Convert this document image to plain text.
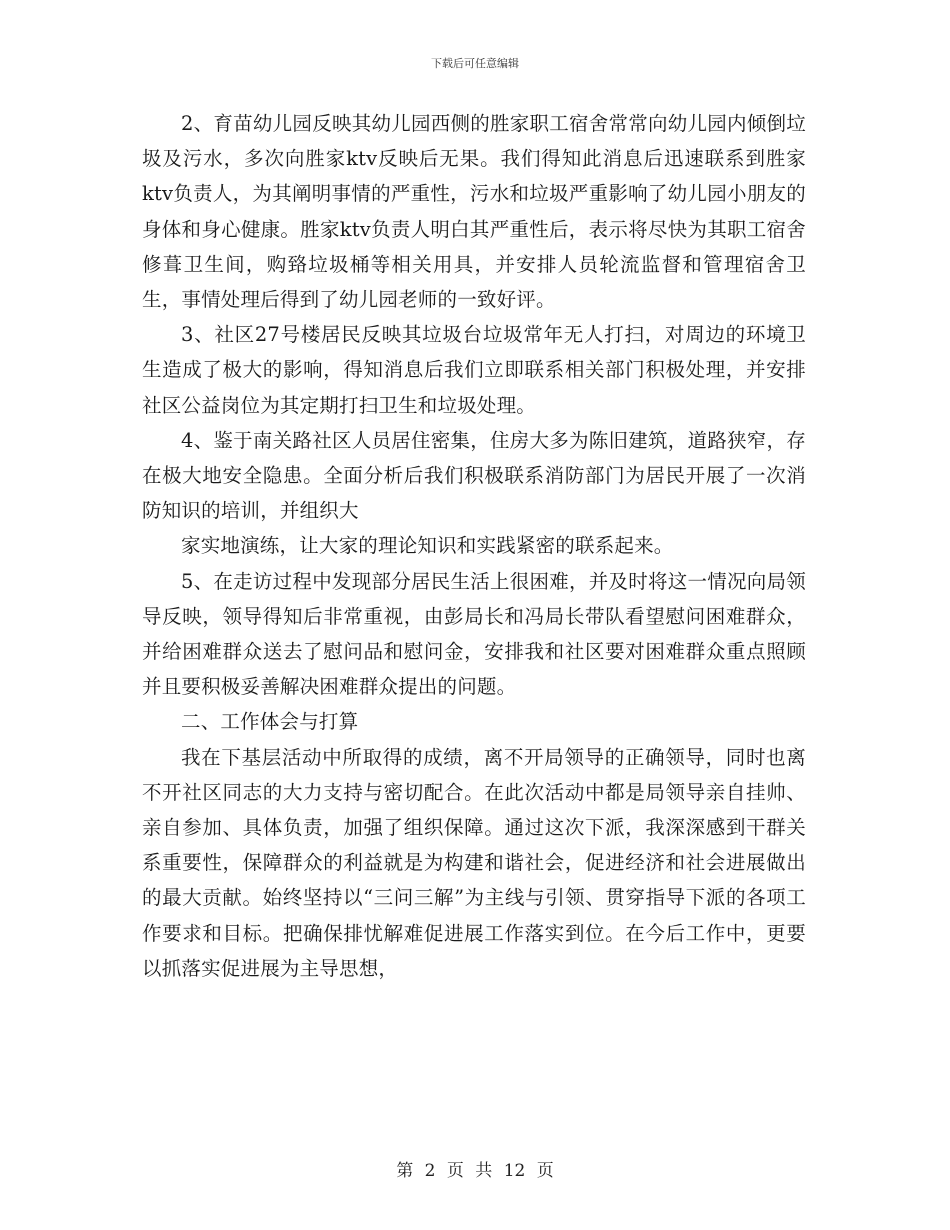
下载后可任意编辑

2、育苗幼儿园反映其幼儿园西侧的胜家职工宿舍常常向幼儿园内倾倒垃圾及污水，多次向胜家ktv反映后无果。我们得知此消息后迅速联系到胜家ktv负责人，为其阐明事情的严重性，污水和垃圾严重影响了幼儿园小朋友的身体和身心健康。胜家ktv负责人明白其严重性后，表示将尽快为其职工宿舍修葺卫生间，购臵垃圾桶等相关用具，并安排人员轮流监督和管理宿舍卫生，事情处理后得到了幼儿园老师的一致好评。

3、社区27号楼居民反映其垃圾台垃圾常年无人打扫，对周边的环境卫生造成了极大的影响，得知消息后我们立即联系相关部门积极处理，并安排社区公益岗位为其定期打扫卫生和垃圾处理。

4、鉴于南关路社区人员居住密集，住房大多为陈旧建筑，道路狭窄，存在极大地安全隐患。全面分析后我们积极联系消防部门为居民开展了一次消防知识的培训，并组织大

家实地演练，让大家的理论知识和实践紧密的联系起来。

5、在走访过程中发现部分居民生活上很困难，并及时将这一情况向局领导反映，领导得知后非常重视，由彭局长和冯局长带队看望慰问困难群众，并给困难群众送去了慰问品和慰问金，安排我和社区要对困难群众重点照顾并且要积极妥善解决困难群众提出的问题。

二、工作体会与打算

我在下基层活动中所取得的成绩，离不开局领导的正确领导，同时也离不开社区同志的大力支持与密切配合。在此次活动中都是局领导亲自挂帅、亲自参加、具体负责，加强了组织保障。通过这次下派，我深深感到干群关系重要性，保障群众的利益就是为构建和谐社会，促进经济和社会进展做出的最大贡献。始终坚持以“三问三解”为主线与引领、贯穿指导下派的各项工作要求和目标。把确保排忧解难促进展工作落实到位。在今后工作中，更要以抓落实促进展为主导思想，

第 2 页 共 12 页
